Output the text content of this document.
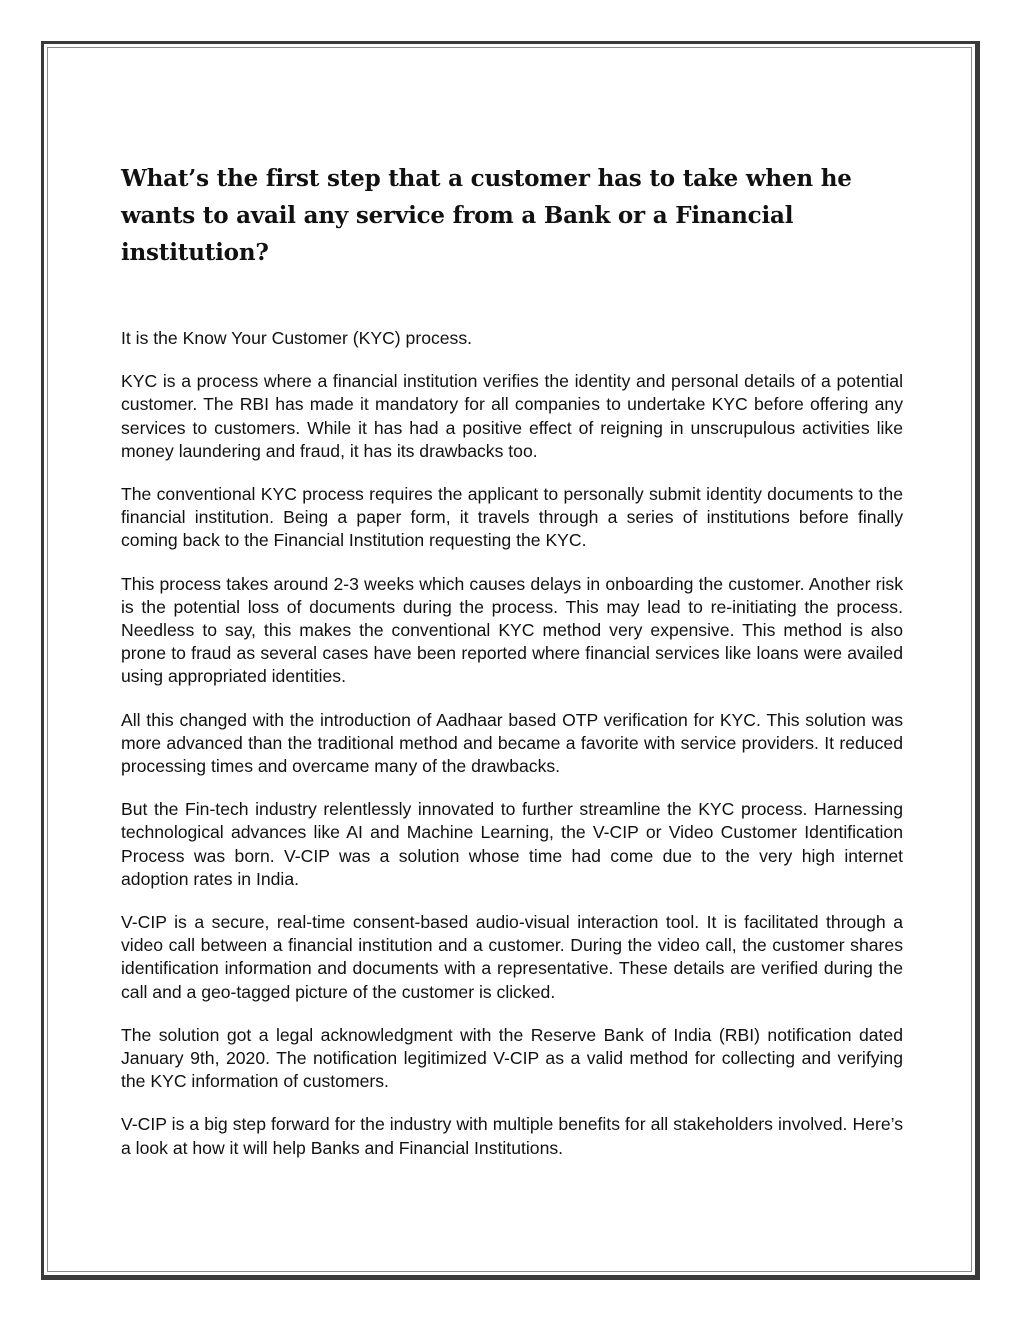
What’s the first step that a customer has to take when he wants to avail any service from a Bank or a Financial institution?

It is the Know Your Customer (KYC) process.

KYC is a process where a financial institution verifies the identity and personal details of a potential customer. The RBI has made it mandatory for all companies to undertake KYC before offering any services to customers. While it has had a positive effect of reigning in unscrupulous activities like money laundering and fraud, it has its drawbacks too.

The conventional KYC process requires the applicant to personally submit identity documents to the financial institution. Being a paper form, it travels through a series of institutions before finally coming back to the Financial Institution requesting the KYC.

This process takes around 2-3 weeks which causes delays in onboarding the customer. Another risk is the potential loss of documents during the process. This may lead to re-initiating the process. Needless to say, this makes the conventional KYC method very expensive. This method is also prone to fraud as several cases have been reported where financial services like loans were availed using appropriated identities.

All this changed with the introduction of Aadhaar based OTP verification for KYC. This solution was more advanced than the traditional method and became a favorite with service providers. It reduced processing times and overcame many of the drawbacks.

But the Fin-tech industry relentlessly innovated to further streamline the KYC process. Harnessing technological advances like AI and Machine Learning, the V-CIP or Video Customer Identification Process was born. V-CIP was a solution whose time had come due to the very high internet adoption rates in India.

V-CIP is a secure, real-time consent-based audio-visual interaction tool. It is facilitated through a video call between a financial institution and a customer. During the video call, the customer shares identification information and documents with a representative. These details are verified during the call and a geo-tagged picture of the customer is clicked.

The solution got a legal acknowledgment with the Reserve Bank of India (RBI) notification dated January 9th, 2020. The notification legitimized V-CIP as a valid method for collecting and verifying the KYC information of customers.

V-CIP is a big step forward for the industry with multiple benefits for all stakeholders involved. Here’s a look at how it will help Banks and Financial Institutions.
